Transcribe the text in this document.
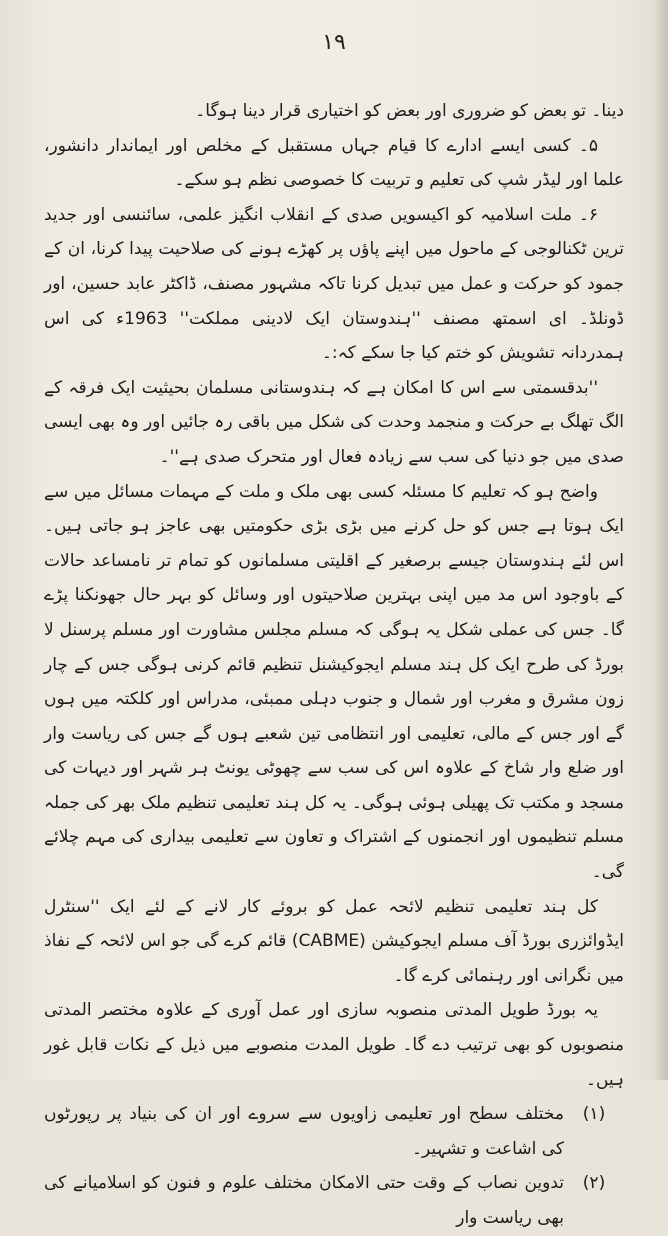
۱۹

دینا۔ تو بعض کو ضروری اور بعض کو اختیاری قرار دینا ہوگا۔

۵۔ کسی ایسے ادارے کا قیام جہاں مستقبل کے مخلص اور ایماندار دانشور، علما اور لیڈر شپ کی تعلیم و تربیت کا خصوصی نظم ہو سکے۔

۶۔ ملت اسلامیہ کو اکیسویں صدی کے انقلاب انگیز علمی، سائنسی اور جدید ترین ٹکنالوجی کے ماحول میں اپنے پاؤں پر کھڑے ہونے کی صلاحیت پیدا کرنا، ان کے جمود کو حرکت و عمل میں تبدیل کرنا تاکہ مشہور مصنف، ڈاکٹر عابد حسین، اور ڈونلڈ۔ ای اسمتھ مصنف ''ہندوستان ایک لادینی مملکت'' 1963ء کی اس ہمدردانہ تشویش کو ختم کیا جا سکے کہ:۔

''بدقسمتی سے اس کا امکان ہے کہ ہندوستانی مسلمان بحیثیت ایک فرقہ کے الگ تھلگ بے حرکت و منجمد وحدت کی شکل میں باقی رہ جائیں اور وہ بھی ایسی صدی میں جو دنیا کی سب سے زیادہ فعال اور متحرک صدی ہے''۔

واضح ہو کہ تعلیم کا مسئلہ کسی بھی ملک و ملت کے مہمات مسائل میں سے ایک ہوتا ہے جس کو حل کرنے میں بڑی بڑی حکومتیں بھی عاجز ہو جاتی ہیں۔ اس لئے ہندوستان جیسے برصغیر کے اقلیتی مسلمانوں کو تمام تر نامساعد حالات کے باوجود اس مد میں اپنی بہترین صلاحیتوں اور وسائل کو بہر حال جھونکنا پڑے گا۔ جس کی عملی شکل یہ ہوگی کہ مسلم مجلس مشاورت اور مسلم پرسنل لا بورڈ کی طرح ایک کل ہند مسلم ایجوکیشنل تنظیم قائم کرنی ہوگی جس کے چار زون مشرق و مغرب اور شمال و جنوب دہلی ممبئی، مدراس اور کلکتہ میں ہوں گے اور جس کے مالی، تعلیمی اور انتظامی تین شعبے ہوں گے جس کی ریاست وار اور ضلع وار شاخ کے علاوہ اس کی سب سے چھوٹی یونٹ ہر شہر اور دیہات کی مسجد و مکتب تک پھیلی ہوئی ہوگی۔ یہ کل ہند تعلیمی تنظیم ملک بھر کی جملہ مسلم تنظیموں اور انجمنوں کے اشتراک و تعاون سے تعلیمی بیداری کی مہم چلائے گی۔

کل ہند تعلیمی تنظیم لائحہ عمل کو بروئے کار لانے کے لئے ایک ''سنٹرل ایڈوائزری بورڈ آف مسلم ایجوکیشن (CABME) قائم کرے گی جو اس لائحہ کے نفاذ میں نگرانی اور رہنمائی کرے گا۔

یہ بورڈ طویل المدتی منصوبہ سازی اور عمل آوری کے علاوہ مختصر المدتی منصوبوں کو بھی ترتیب دے گا۔ طویل المدت منصوبے میں ذیل کے نکات قابل غور ہیں۔

(۱)
مختلف سطح اور تعلیمی زاویوں سے سروے اور ان کی بنیاد پر رپورٹوں کی اشاعت و تشہیر۔
(۲)
تدوین نصاب کے وقت حتی الامکان مختلف علوم و فنون کو اسلامیانے کی بھی ریاست وار
